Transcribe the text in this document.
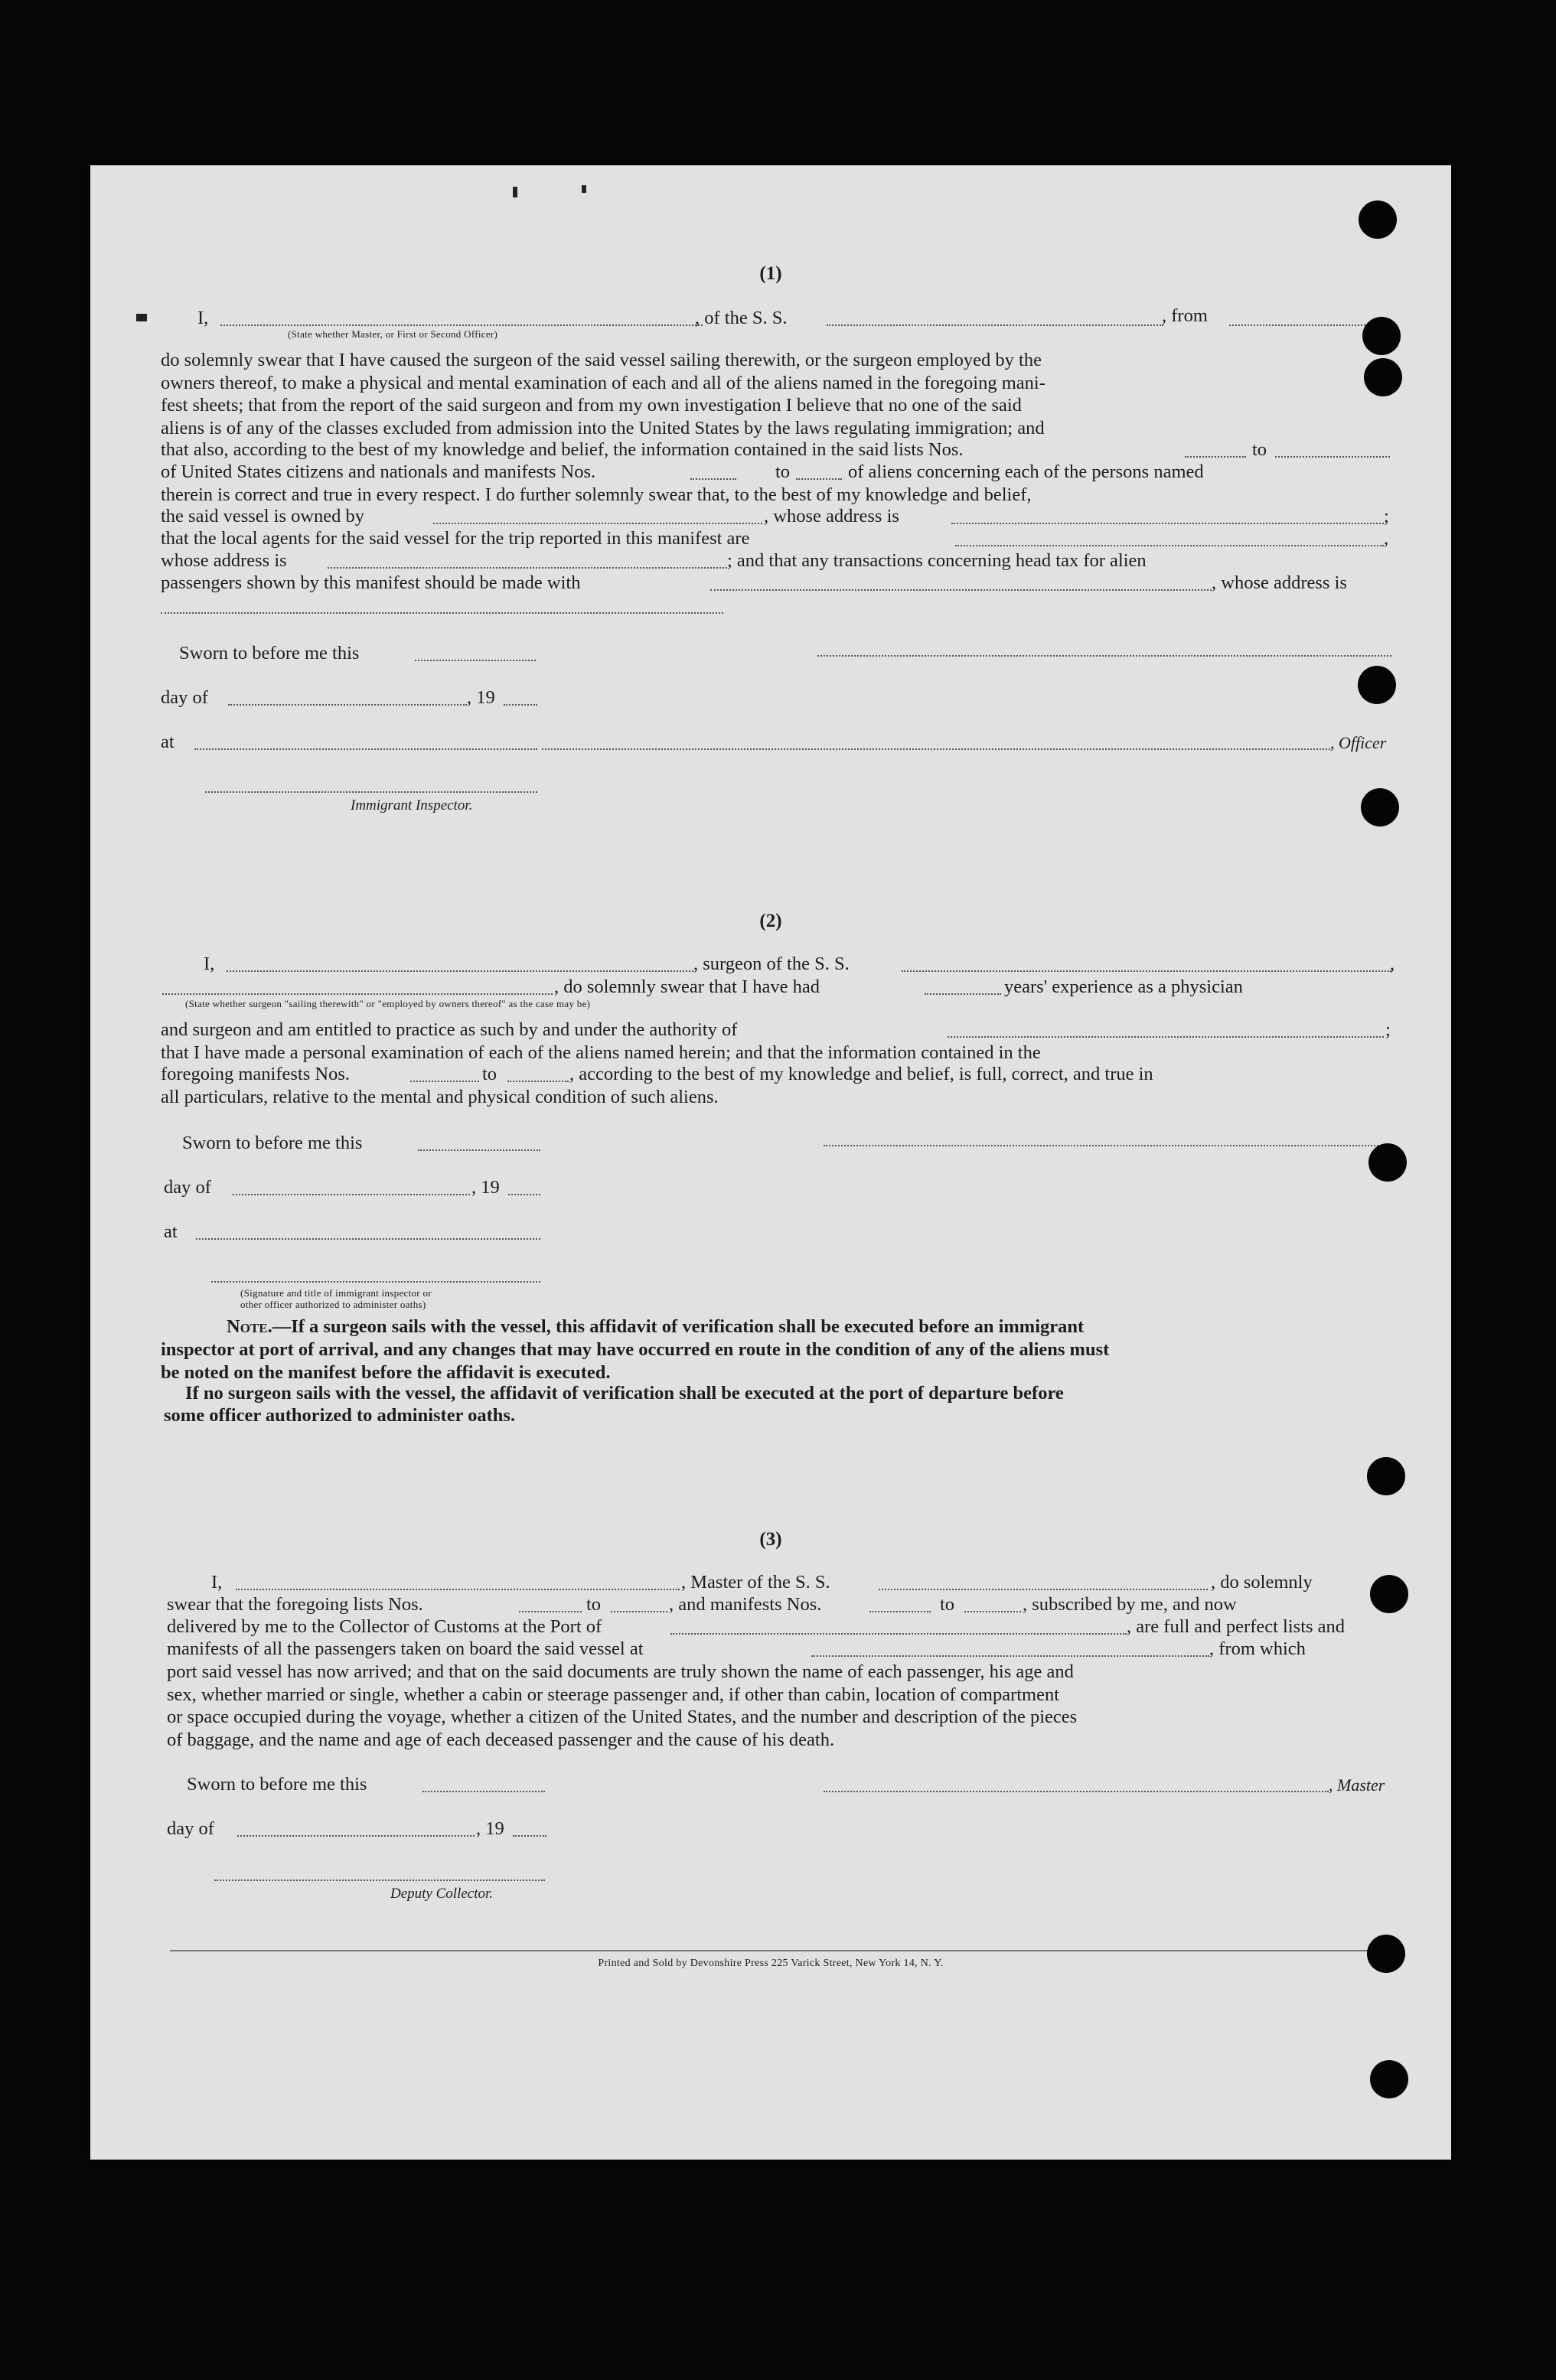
(1)
I,
(State whether Master, or First or Second Officer)
, of the S. S.	, from

do solemnly swear that I have caused the surgeon of the said vessel sailing therewith, or the surgeon employed by the

owners thereof, to make a physical and mental examination of each and all of the aliens named in the foregoing mani-

fest sheets; that from the report of the said surgeon and from my own investigation I believe that no one of the said

aliens is of any of the classes excluded from admission into the United States by the laws regulating immigration; and

that also, according to the best of my knowledge and belief, the information contained in the said lists Nos.	to
of United States citizens and nationals and manifests Nos.	to	of aliens concerning each of the persons named

therein is correct and true in every respect. I do further solemnly swear that, to the best of my knowledge and belief,

the said vessel is owned by	, whose address is	;
that the local agents for the said vessel for the trip reported in this manifest are	,
whose address is	; and that any transactions concerning head tax for alien
passengers shown by this manifest should be made with	, whose address is
Sworn to before me this
day of	, 19
at	, Officer
Immigrant Inspector.
(2)
I,	, surgeon of the S. S.	,
, do solemnly swear that I have had	years' experience as a physician
(State whether surgeon "sailing therewith" or "employed by owners thereof" as the case may be)
and surgeon and am entitled to practice as such by and under the authority of	;

that I have made a personal examination of each of the aliens named herein; and that the information contained in the

foregoing manifests Nos.	to	, according to the best of my knowledge and belief, is full, correct, and true in

all particulars, relative to the mental and physical condition of such aliens.

Sworn to before me this
day of	, 19
at
(Signature and title of immigrant inspector or
other officer authorized to administer oaths)
Note.—If a surgeon sails with the vessel, this affidavit of verification shall be executed before an immigrant

inspector at port of arrival, and any changes that may have occurred en route in the condition of any of the aliens must

be noted on the manifest before the affidavit is executed.

If no surgeon sails with the vessel, the affidavit of verification shall be executed at the port of departure before
some officer authorized to administer oaths.
(3)
I,	, Master of the S. S.	, do solemnly
swear that the foregoing lists Nos.	to	, and manifests Nos.	to	, subscribed by me, and now
delivered by me to the Collector of Customs at the Port of	, are full and perfect lists and
manifests of all the passengers taken on board the said vessel at	, from which

port said vessel has now arrived; and that on the said documents are truly shown the name of each passenger, his age and

sex, whether married or single, whether a cabin or steerage passenger and, if other than cabin, location of compartment

or space occupied during the voyage, whether a citizen of the United States, and the number and description of the pieces

of baggage, and the name and age of each deceased passenger and the cause of his death.

Sworn to before me this	, Master
day of	, 19
Deputy Collector.
Printed and Sold by Devonshire Press 225 Varick Street, New York 14, N. Y.
